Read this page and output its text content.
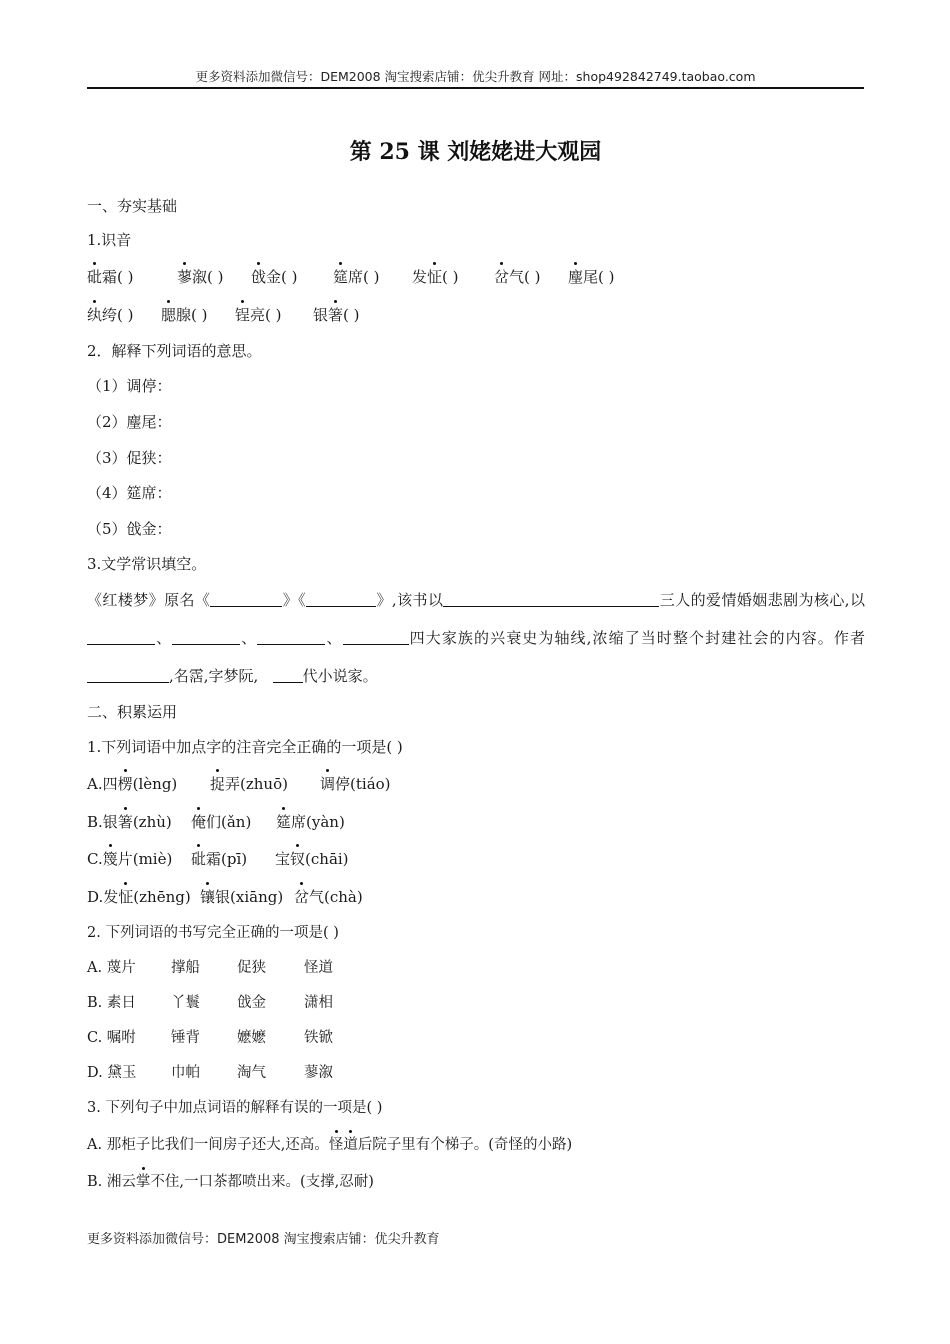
更多资料添加微信号：DEM2008 淘宝搜索店铺：优尖升教育 网址：shop492842749.taobao.com
第 25 课 刘姥姥进大观园
一、夯实基础
1.识音
砒霜( )	蓼溆( ) 戗金( ) 筵席( ) 发怔( ) 岔气( ) 麈尾( )
纨绔( ) 腮腺( ) 锃亮( ) 银箸( )
2．解释下列词语的意思。
（1）调停：
（2）麈尾：
（3）促狭：
（4）筵席：
（5）戗金：
3.文学常识填空。
《红楼梦》原名《	》《	》,该书以	三人的爱情婚姻悲剧为核心,以、	、	、	四大家族的兴衰史为轴线,浓缩了当时整个封建社会的内容。作者,名霑,字梦阮,	代小说家。
二、积累运用
1.下列词语中加点字的注音完全正确的一项是( )
A.四楞(lèng) 捉弄(zhuō) 调停(tiáo)
B.银箸(zhù) 俺们(ǎn) 筵席(yàn)
C.篾片(miè) 砒霜(pī) 宝钗(chāi)
D.发怔(zhēng) 镶银(xiāng) 岔气(chà)
2. 下列词语的书写完全正确的一项是( )
A. 蔑片 撑船	促狭	怪道
B. 素日 丫鬟	戗金	潇相
C. 嘱咐 锤背	嬷嬷	铁锨
D. 黛玉 巾帕	淘气	蓼溆
3. 下列句子中加点词语的解释有误的一项是( )
A. 那柜子比我们一间房子还大,还高。怪道后院子里有个梯子。(奇怪的小路)
B. 湘云掌不住,一口茶都喷出来。(支撑,忍耐)
更多资料添加微信号：DEM2008 淘宝搜索店铺：优尖升教育
